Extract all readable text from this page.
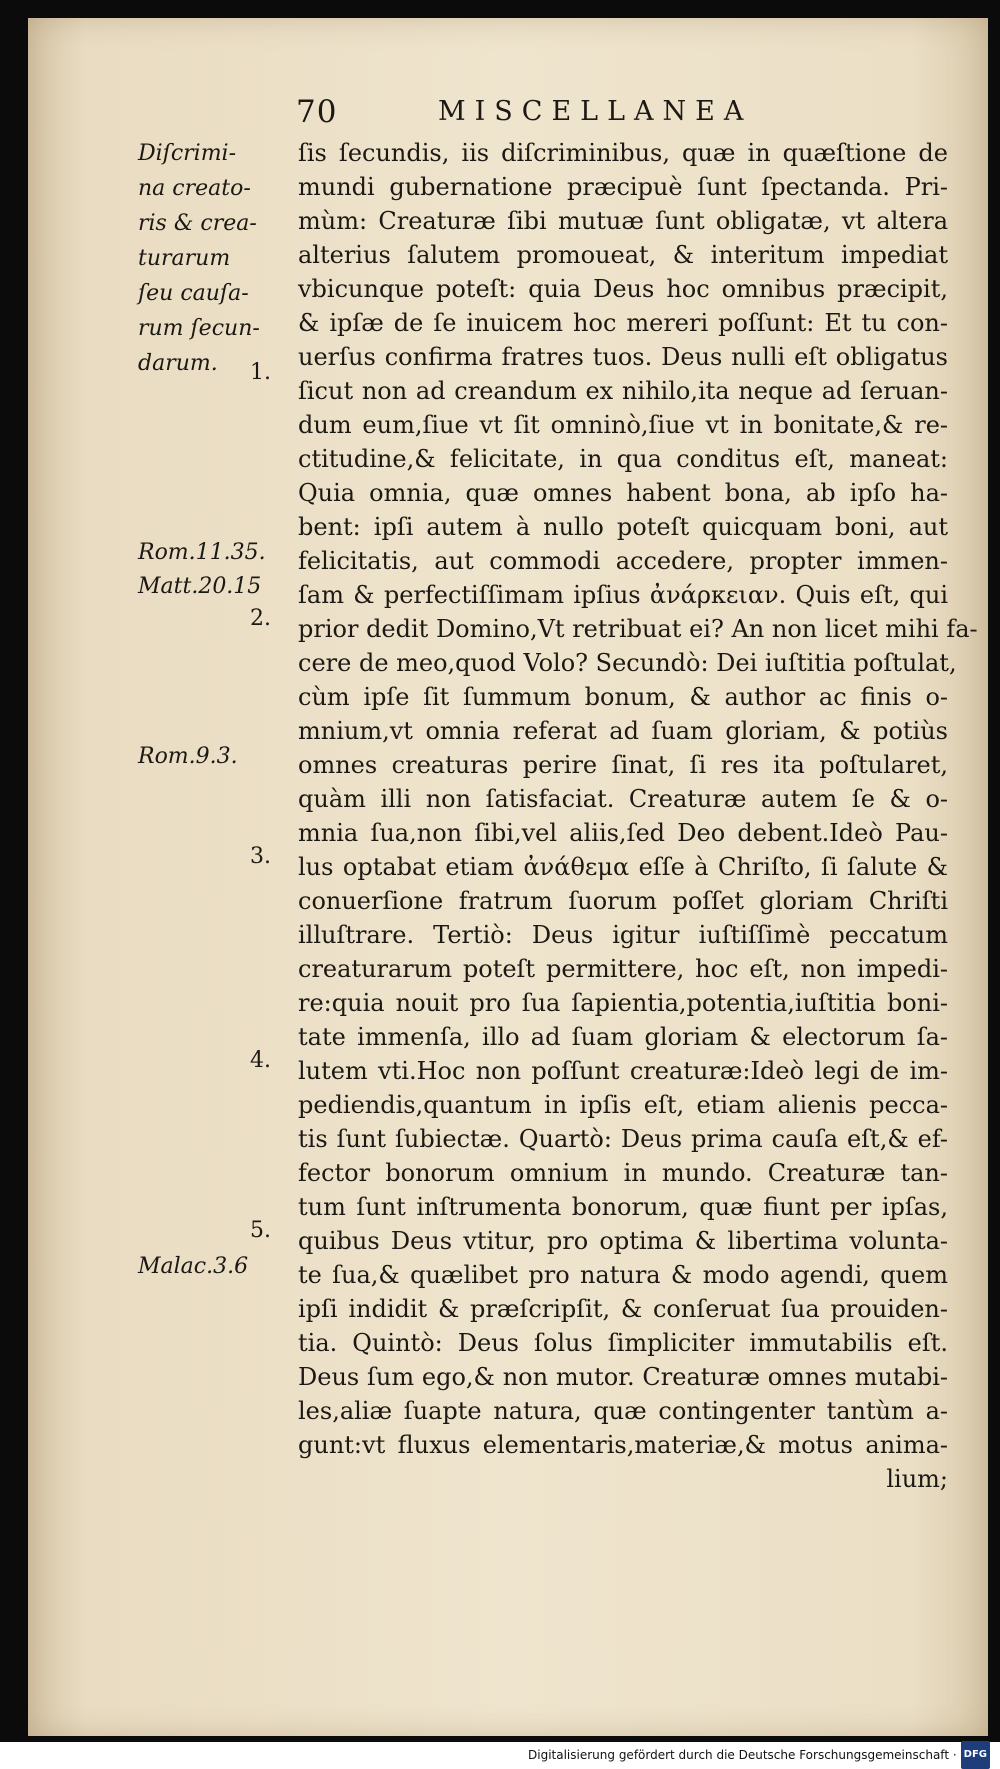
70	MISCELLANEA
Diſcrimi-
na creato-
ris & crea-
turarum
ſeu cauſa-
rum ſecun-
darum.	1.
Rom.11.35.
Matt.20.15
2.
Rom.9.3.
3.
4.
5.
Malac.3.6
ſis ſecundis, iis diſcriminibus, quæ in quæſtione de
mundi gubernatione præcipuè ſunt ſpectanda. Pri-
mùm: Creaturæ ſibi mutuæ ſunt obligatæ, vt altera
alterius ſalutem promoueat, & interitum impediat
vbicunque poteſt: quia Deus hoc omnibus præcipit,
& ipſæ de ſe inuicem hoc mereri poſſunt: Et tu con-
uerſus confirma fratres tuos. Deus nulli eſt obligatus
ſicut non ad creandum ex nihilo,ita neque ad ſeruan-
dum eum,ſiue vt ſit omninò,ſiue vt in bonitate,& re-
ctitudine,& felicitate, in qua conditus eſt, maneat:
Quia omnia, quæ omnes habent bona, ab ipſo ha-
bent: ipſi autem à nullo poteſt quicquam boni, aut
felicitatis, aut commodi accedere, propter immen-
ſam & perfectiſſimam ipſius ἀνάρκειαν. Quis eſt, qui
prior dedit Domino,Vt retribuat ei? An non licet mihi fa-
cere de meo,quod Volo? Secundò: Dei iuſtitia poſtulat,
cùm ipſe ſit ſummum bonum, & author ac finis o-
mnium,vt omnia referat ad ſuam gloriam, & potiùs
omnes creaturas perire ſinat, ſi res ita poſtularet,
quàm illi non ſatisfaciat. Creaturæ autem ſe & o-
mnia ſua,non ſibi,vel aliis,ſed Deo debent.Ideò Pau-
lus optabat etiam ἀνάθεμα eſſe à Chriſto, ſi ſalute &
conuerſione fratrum ſuorum poſſet gloriam Chriſti
illuſtrare. Tertiò: Deus igitur iuſtiſſimè peccatum
creaturarum poteſt permittere, hoc eſt, non impedi-
re:quia nouit pro ſua ſapientia,potentia,iuſtitia boni-
tate immenſa, illo ad ſuam gloriam & electorum ſa-
lutem vti.Hoc non poſſunt creaturæ:Ideò legi de im-
pediendis,quantum in ipſis eſt, etiam alienis pecca-
tis ſunt ſubiectæ. Quartò: Deus prima cauſa eſt,& ef-
fector bonorum omnium in mundo. Creaturæ tan-
tum ſunt inſtrumenta bonorum, quæ fiunt per ipſas,
quibus Deus vtitur, pro optima & libertima volunta-
te ſua,& quælibet pro natura & modo agendi, quem
ipſi indidit & præſcripſit, & conſeruat ſua prouiden-
tia. Quintò: Deus ſolus ſimpliciter immutabilis eſt.
Deus ſum ego,& non mutor. Creaturæ omnes mutabi-
les,aliæ ſuapte natura, quæ contingenter tantùm a-
gunt:vt fluxus elementaris,materiæ,& motus anima-
lium;
Digitalisierung gefördert durch die Deutsche Forschungsgemeinschaft · DFG
